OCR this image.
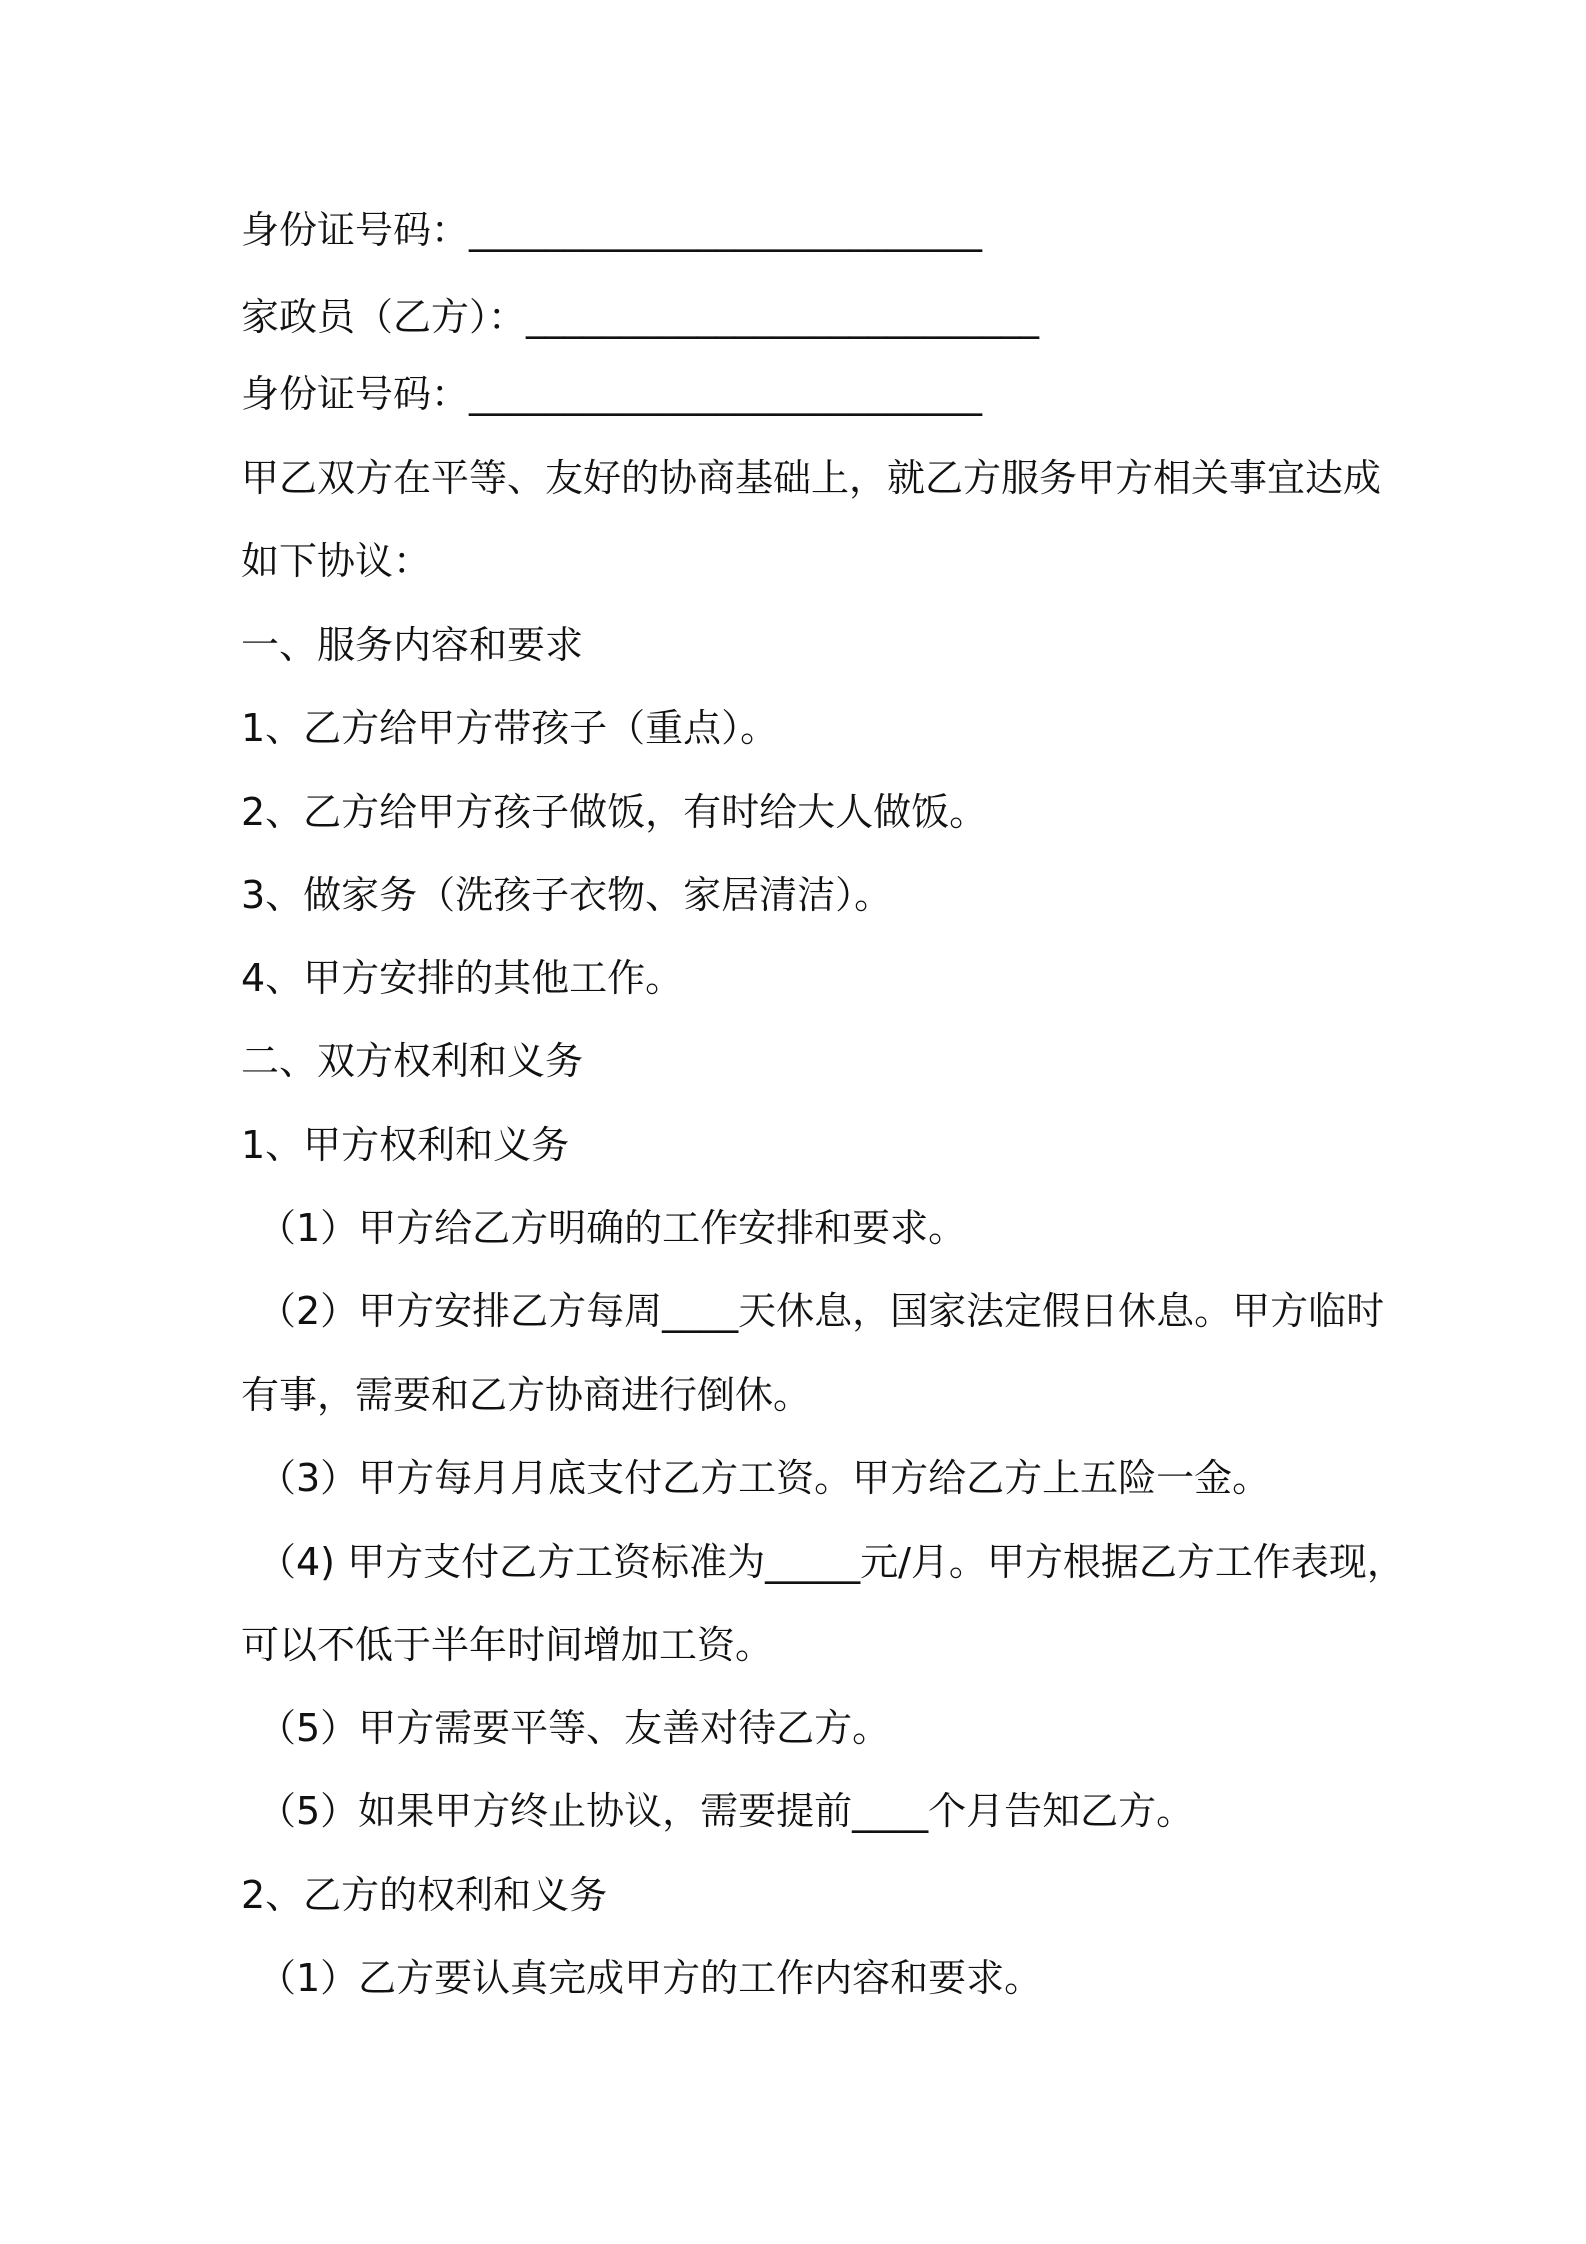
身份证号码：___________________________

家政员（乙方）：___________________________

身份证号码：___________________________

甲乙双方在平等、友好的协商基础上，就乙方服务甲方相关事宜达成

如下协议：

一、服务内容和要求

1、乙方给甲方带孩子（重点）。

2、乙方给甲方孩子做饭，有时给大人做饭。

3、做家务（洗孩子衣物、家居清洁）。

4、甲方安排的其他工作。

二、双方权利和义务

1、甲方权利和义务

（1）甲方给乙方明确的工作安排和要求。

（2）甲方安排乙方每周____天休息，国家法定假日休息。甲方临时

有事，需要和乙方协商进行倒休。

（3）甲方每月月底支付乙方工资。甲方给乙方上五险一金。

（4) 甲方支付乙方工资标准为_____元/月。甲方根据乙方工作表现，

可以不低于半年时间增加工资。

（5）甲方需要平等、友善对待乙方。

（5）如果甲方终止协议，需要提前____个月告知乙方。

2、乙方的权利和义务

（1）乙方要认真完成甲方的工作内容和要求。
